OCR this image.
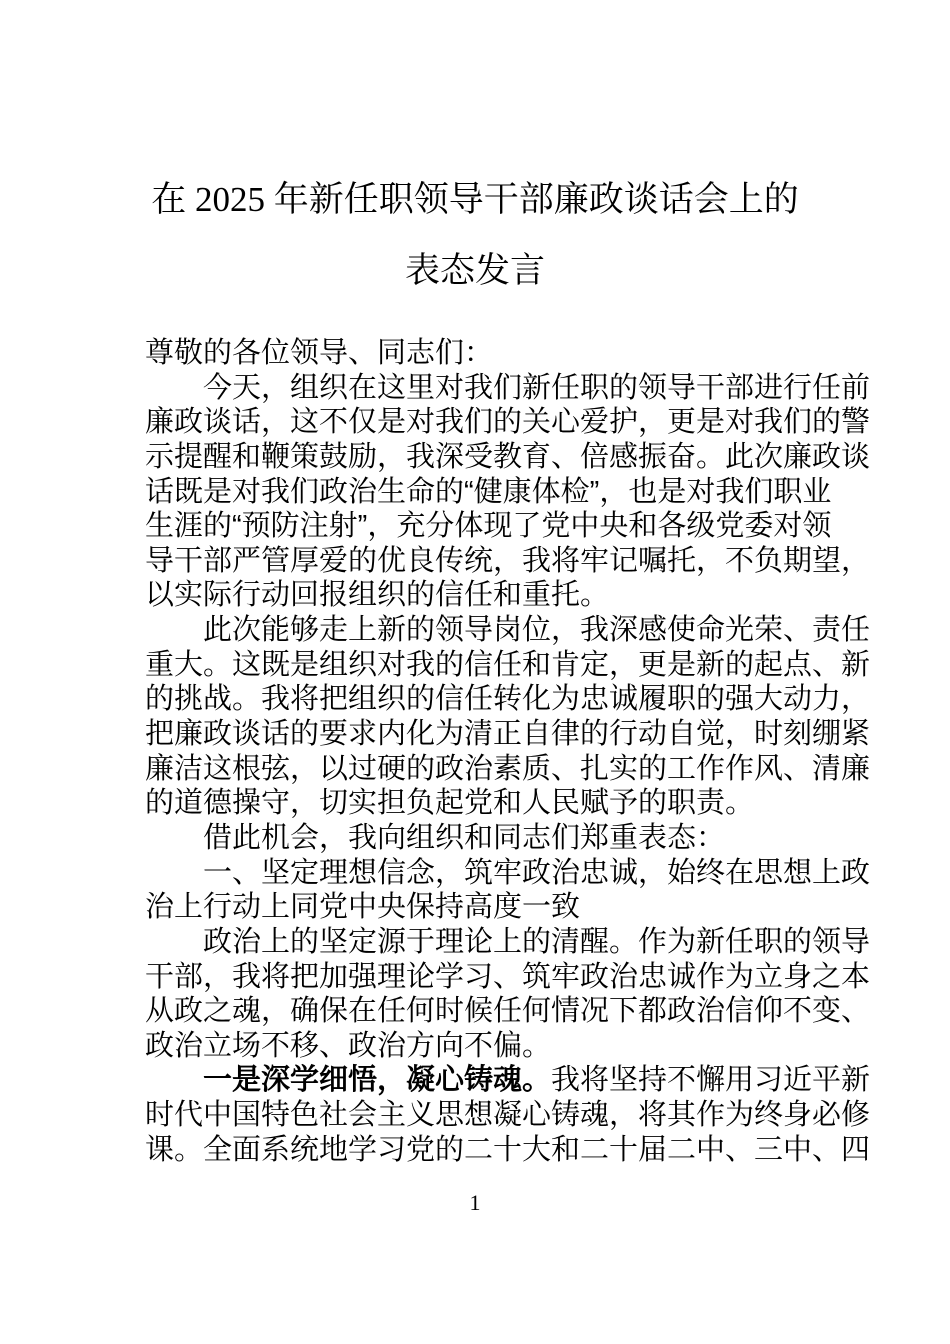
在 2025 年新任职领导干部廉政谈话会上的
表态发言
尊敬的各位领导、同志们：
今天，组织在这里对我们新任职的领导干部进行任前
廉政谈话，这不仅是对我们的关心爱护，更是对我们的警
示提醒和鞭策鼓励，我深受教育、倍感振奋。此次廉政谈
话既是对我们政治生命的“健康体检”，也是对我们职业
生涯的“预防注射”，充分体现了党中央和各级党委对领
导干部严管厚爱的优良传统，我将牢记嘱托，不负期望，
以实际行动回报组织的信任和重托。
此次能够走上新的领导岗位，我深感使命光荣、责任
重大。这既是组织对我的信任和肯定，更是新的起点、新
的挑战。我将把组织的信任转化为忠诚履职的强大动力，
把廉政谈话的要求内化为清正自律的行动自觉，时刻绷紧
廉洁这根弦，以过硬的政治素质、扎实的工作作风、清廉
的道德操守，切实担负起党和人民赋予的职责。
借此机会，我向组织和同志们郑重表态：
一、坚定理想信念，筑牢政治忠诚，始终在思想上政
治上行动上同党中央保持高度一致
政治上的坚定源于理论上的清醒。作为新任职的领导
干部，我将把加强理论学习、筑牢政治忠诚作为立身之本
从政之魂，确保在任何时候任何情况下都政治信仰不变、
政治立场不移、政治方向不偏。
一是深学细悟，凝心铸魂。我将坚持不懈用习近平新
时代中国特色社会主义思想凝心铸魂，将其作为终身必修
课。全面系统地学习党的二十大和二十届二中、三中、四
1
